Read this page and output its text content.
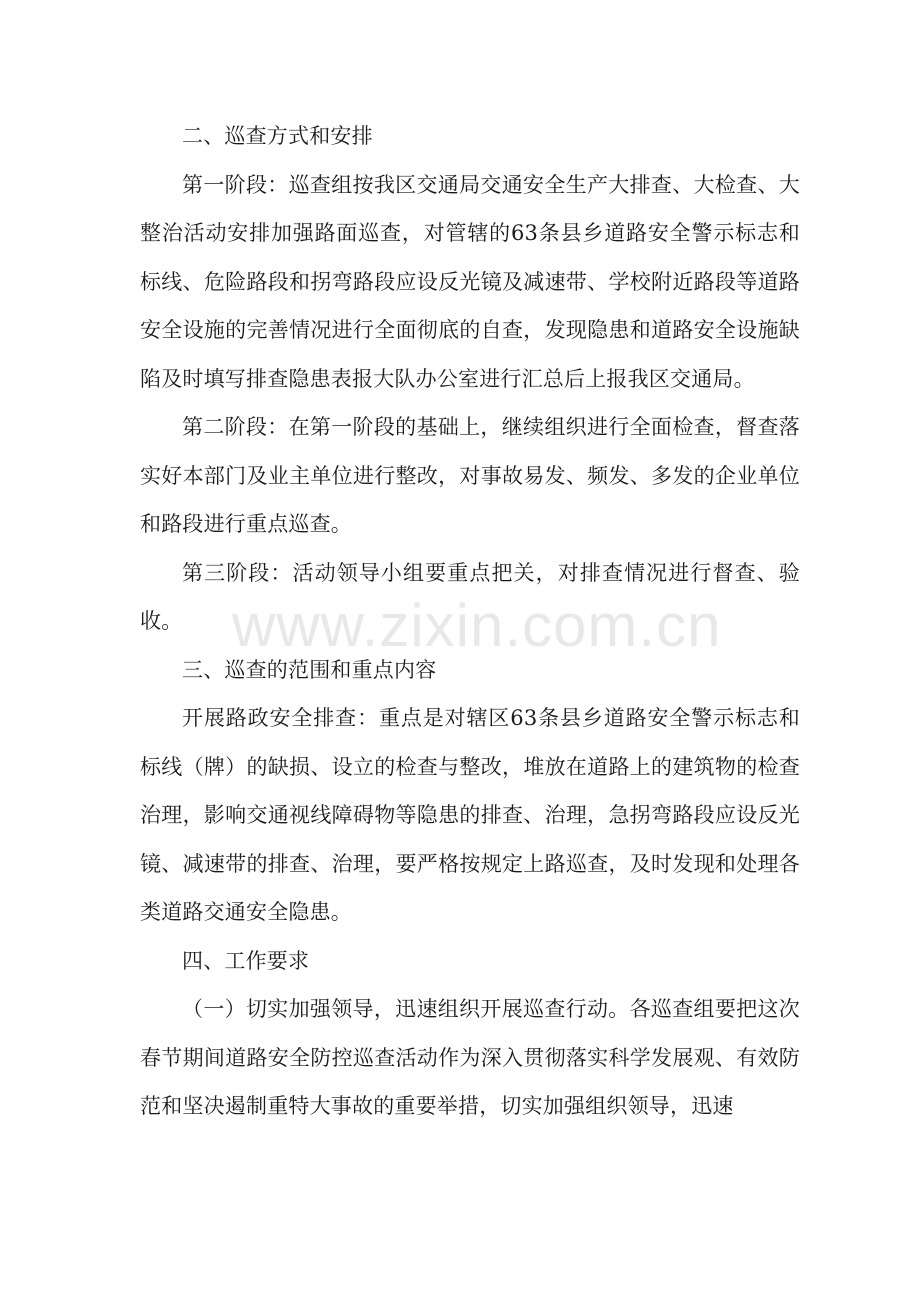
二、巡查方式和安排

第一阶段：巡查组按我区交通局交通安全生产大排查、大检查、大整治活动安排加强路面巡查，对管辖的63条县乡道路安全警示标志和标线、危险路段和拐弯路段应设反光镜及减速带、学校附近路段等道路安全设施的完善情况进行全面彻底的自查，发现隐患和道路安全设施缺陷及时填写排查隐患表报大队办公室进行汇总后上报我区交通局。

第二阶段：在第一阶段的基础上，继续组织进行全面检查，督查落实好本部门及业主单位进行整改，对事故易发、频发、多发的企业单位和路段进行重点巡查。

第三阶段：活动领导小组要重点把关，对排查情况进行督查、验收。

三、巡查的范围和重点内容

开展路政安全排查：重点是对辖区63条县乡道路安全警示标志和标线（牌）的缺损、设立的检查与整改，堆放在道路上的建筑物的检查治理，影响交通视线障碍物等隐患的排查、治理，急拐弯路段应设反光镜、减速带的排查、治理，要严格按规定上路巡查，及时发现和处理各类道路交通安全隐患。

四、工作要求

（一）切实加强领导，迅速组织开展巡查行动。各巡查组要把这次春节期间道路安全防控巡查活动作为深入贯彻落实科学发展观、有效防范和坚决遏制重特大事故的重要举措，切实加强组织领导，迅速

www.zixin.com.cn
